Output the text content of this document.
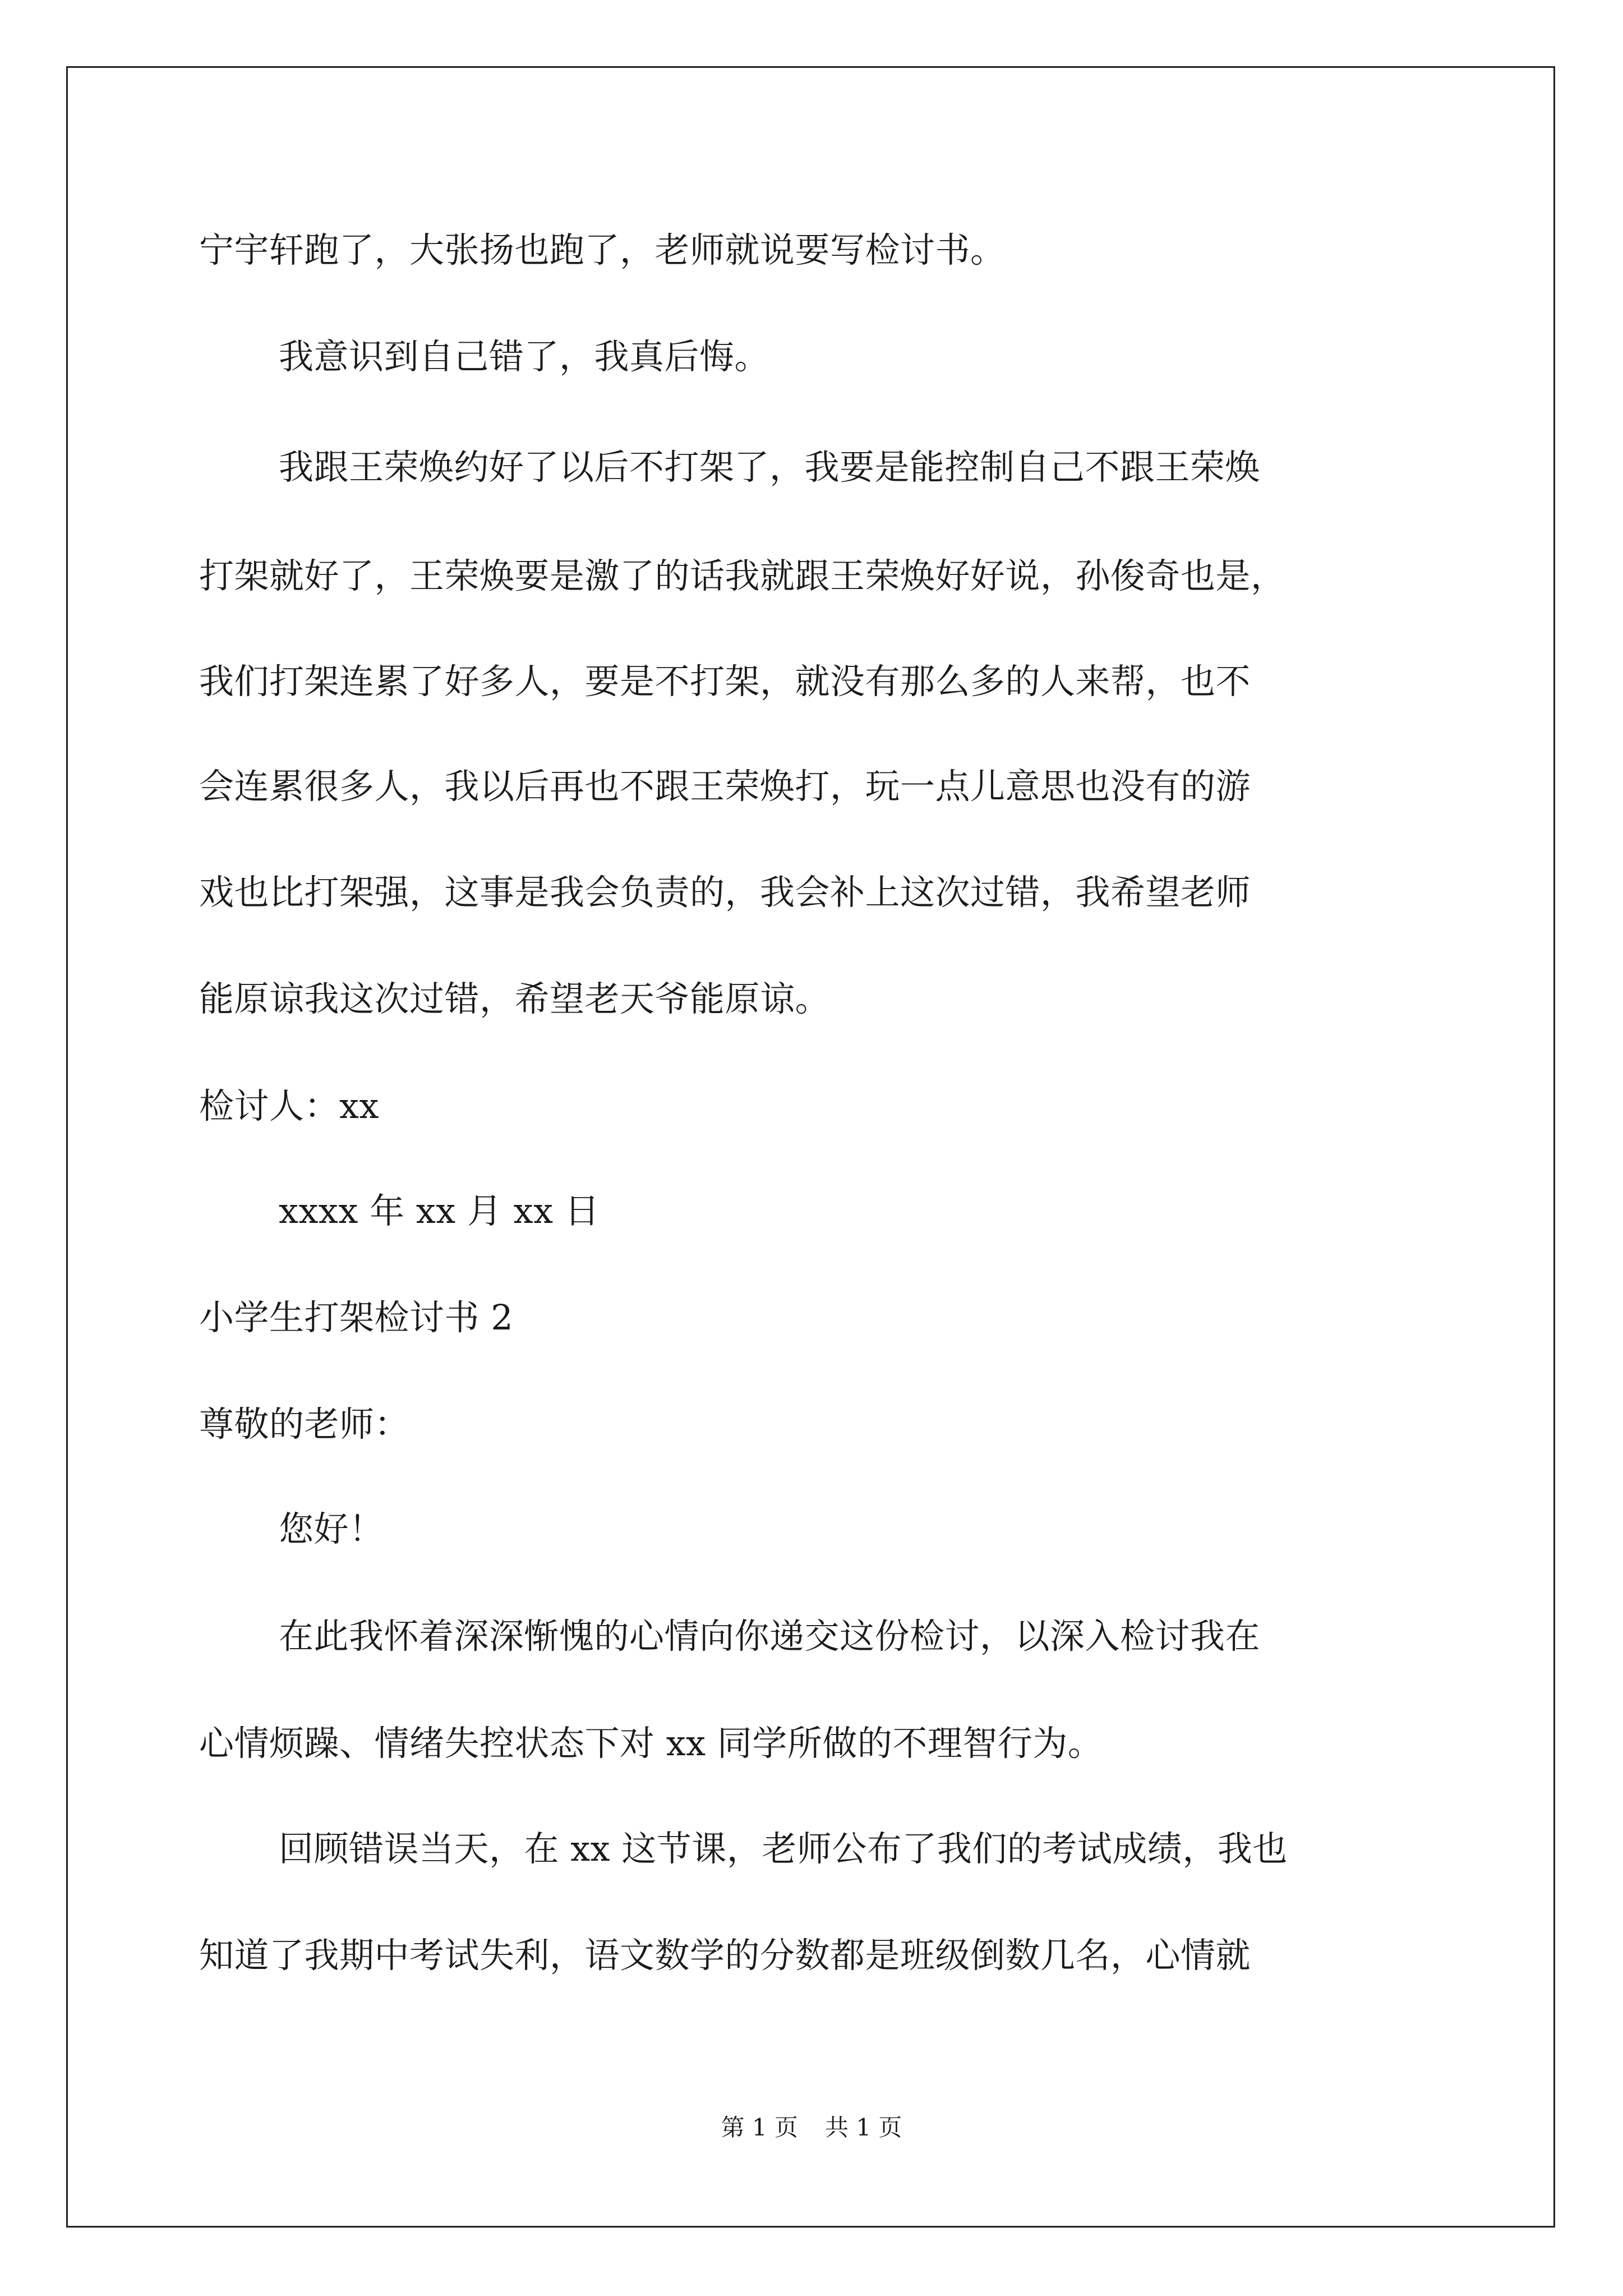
宁宇轩跑了，大张扬也跑了，老师就说要写检讨书。
我意识到自己错了，我真后悔。
我跟王荣焕约好了以后不打架了，我要是能控制自己不跟王荣焕
打架就好了，王荣焕要是激了的话我就跟王荣焕好好说，孙俊奇也是，
我们打架连累了好多人，要是不打架，就没有那么多的人来帮，也不
会连累很多人，我以后再也不跟王荣焕打，玩一点儿意思也没有的游
戏也比打架强，这事是我会负责的，我会补上这次过错，我希望老师
能原谅我这次过错，希望老天爷能原谅。
检讨人：xx
xxxx 年 xx 月 xx 日
小学生打架检讨书 2
尊敬的老师：
您好！
在此我怀着深深惭愧的心情向你递交这份检讨，以深入检讨我在
心情烦躁、情绪失控状态下对 xx 同学所做的不理智行为。
回顾错误当天，在 xx 这节课，老师公布了我们的考试成绩，我也
知道了我期中考试失利，语文数学的分数都是班级倒数几名，心情就
第 1 页 共 1 页
